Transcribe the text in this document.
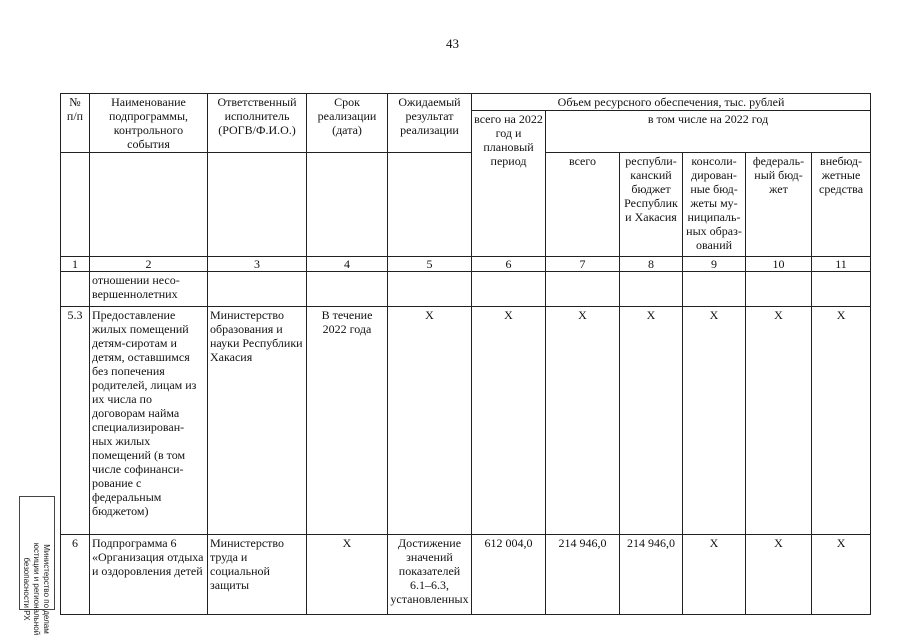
43
№ п/п	Наименование подпрограммы, контрольного события	Ответственный исполнитель (РОГВ/Ф.И.О.)	Срок реализации (дата)	Ожидаемый результат реализации	Объем ресурсного обеспечения, тыс. рублей					
					всего на 2022 год и плановый период	в том числе на 2022 год				
						всего	республи- канский бюджет Республики Хакасия	консоли- дирован- ные бюд- жеты му- ниципаль- ных образ- ований	федераль- ный бюд- жет	внебюд- жетные средства
1	2	3	4	5	6	7	8	9	10	11
	отношении несо- вершеннолетних									
5.3	Предоставление жилых помещений детям-сиротам и детям, оставшимся без попечения родителей, лицам из их числа по договорам найма специализирован- ных жилых помещений (в том числе софинанси- рование с федеральным бюджетом)	Министерство образования и науки Республики Хакасия	В течение 2022 года	X	X	X	X	X	X	X
6	Подпрограмма 6 «Организация отдыха и оздоровления детей	Министерство труда и социальной защиты	X	Достижение значений показателей 6.1–6.3, установленных	612 004,0	214 946,0	214 946,0	X	X	X
Министерство по делам юстиции и региональной безопасности РХ
